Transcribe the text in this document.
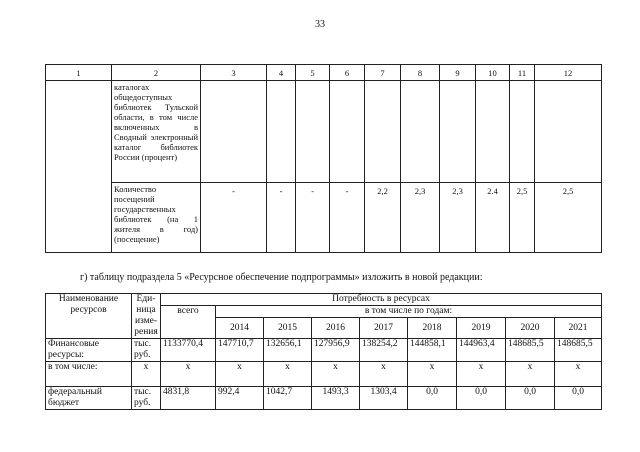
33
1	2	3	4	5	6	7	8	9	10	11	12
	каталогах общедоступных библиотек Тульской области, в том числе включенных в Сводный электронный каталог библиотек России (процент)										
	Количество посещений государственных библиотек (на 1 жителя в год) (посещение)	-	-	-	-	2,2	2,3	2,3	2.4	2,5	2,5
г) таблицу подраздела 5 «Ресурсное обеспечение подпрограммы» изложить в новой редакции:
Наименование ресурсов	Еди- ница изме- рения	Потребность в ресурсах								
		всего	в том числе по годам:							
			2014	2015	2016	2017	2018	2019	2020	2021
Финансовые ресурсы:	тыс. руб.	1133770,4	147710,7	132656,1	127956,9	138254,2	144858,1	144963,4	148685,5	148685,5
в том числе:	х	х	х	х	х	х	х	х	х	х
федеральный бюджет	тыс. руб.	4831,8	992,4	1042,7	1493,3	1303,4	0,0	0,0	0,0	0,0
